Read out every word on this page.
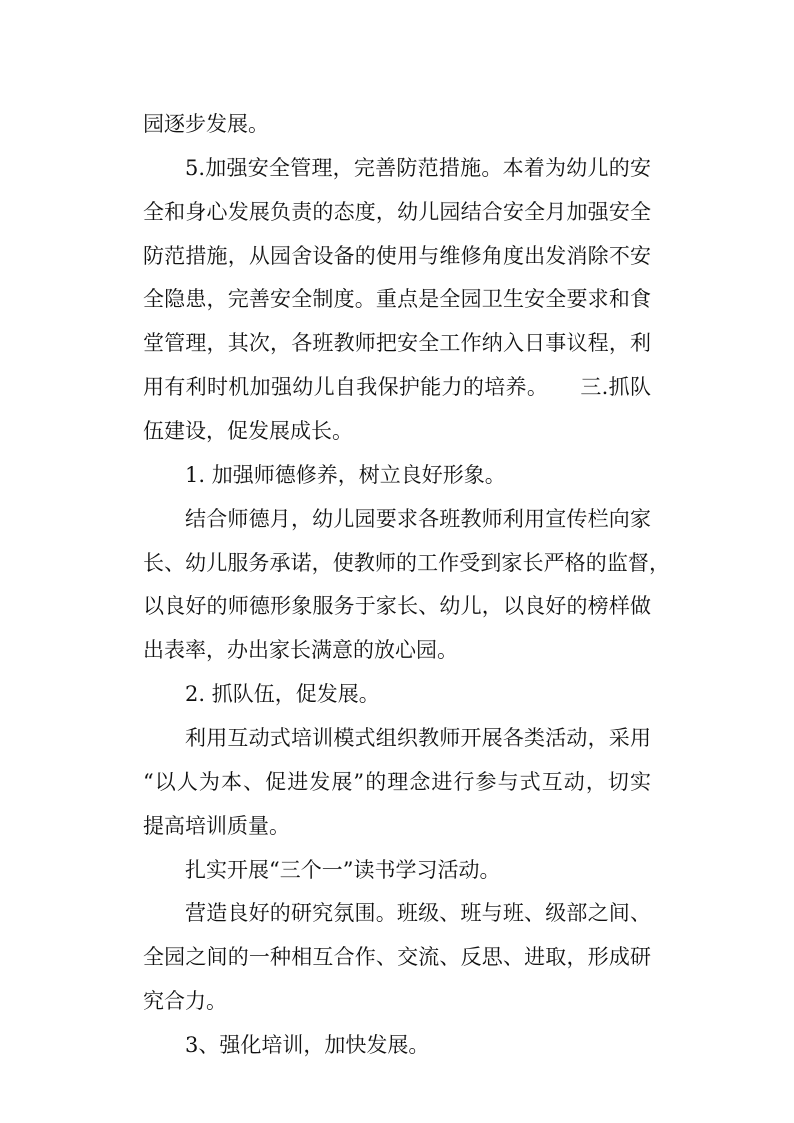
园逐步发展。
5.加强安全管理，完善防范措施。本着为幼儿的安
全和身心发展负责的态度，幼儿园结合安全月加强安全
防范措施，从园舍设备的使用与维修角度出发消除不安
全隐患，完善安全制度。重点是全园卫生安全要求和食
堂管理，其次，各班教师把安全工作纳入日事议程，利
用有利时机加强幼儿自我保护能力的培养。　　三.抓队
伍建设，促发展成长。
1. 加强师德修养，树立良好形象。
结合师德月，幼儿园要求各班教师利用宣传栏向家
长、幼儿服务承诺，使教师的工作受到家长严格的监督，
以良好的师德形象服务于家长、幼儿，以良好的榜样做
出表率，办出家长满意的放心园。
2. 抓队伍，促发展。
利用互动式培训模式组织教师开展各类活动，采用
“以人为本、促进发展”的理念进行参与式互动，切实
提高培训质量。
扎实开展“三个一”读书学习活动。
营造良好的研究氛围。班级、班与班、级部之间、
全园之间的一种相互合作、交流、反思、进取，形成研
究合力。
3、强化培训，加快发展。
